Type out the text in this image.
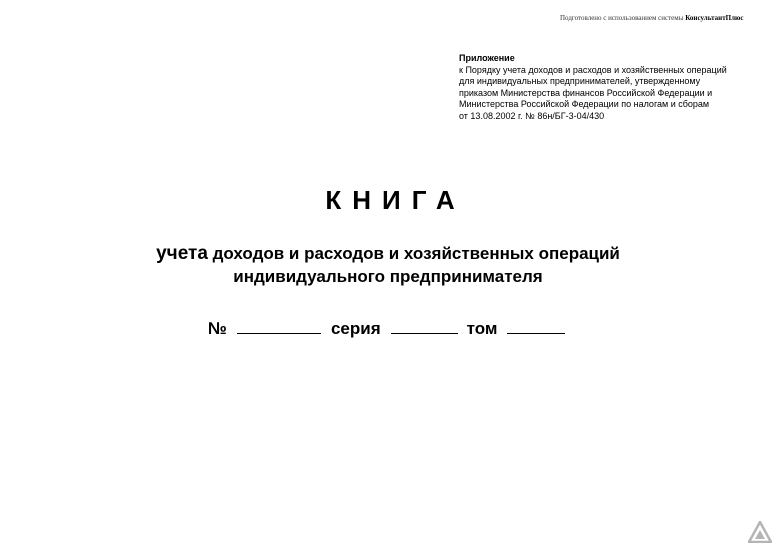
Подготовлено с использованием системы КонсультантПлюс
Приложение
к Порядку учета доходов и расходов и хозяйственных операций
для индивидуальных предпринимателей, утвержденному
приказом Министерства финансов Российской Федерации и
Министерства Российской Федерации по налогам и сборам
от 13.08.2002 г. № 86н/БГ-3-04/430
КНИГА
учета доходов и расходов и хозяйственных операций
индивидуального предпринимателя
№	серия	том
